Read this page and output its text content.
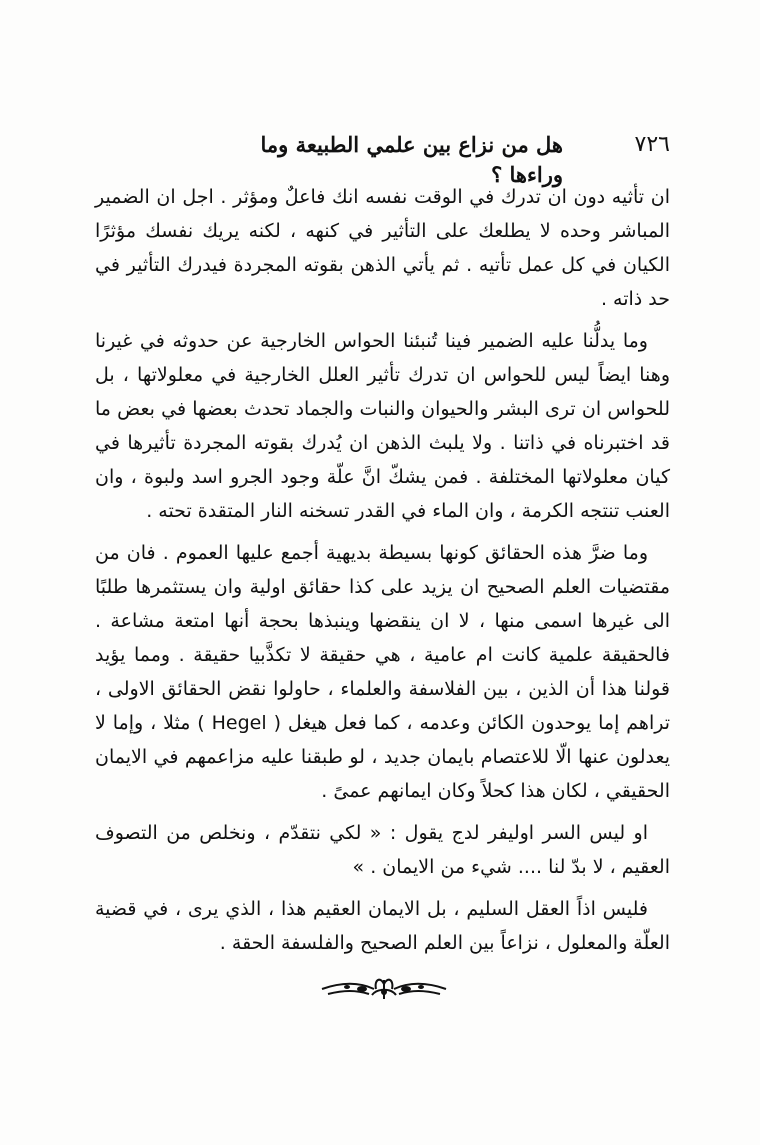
٧٢٦
هل من نزاع بين علمي الطبيعة وما وراءها ؟

ان تأثيه دون ان تدرك في الوقت نفسه انك فاعلٌ ومؤثر . اجل ان الضمير المباشر وحده لا يطلعك على التأثير في كنهه ، لكنه يريك نفسك مؤثرًا الكيان في كل عمل تأتيه . ثم يأتي الذهن بقوته المجردة فيدرك التأثير في حد ذاته .

وما يدلُّنا عليه الضمير فينا تُنبئنا الحواس الخارجية عن حدوثه في غيرنا وهنا ايضاً ليس للحواس ان تدرك تأثير العلل الخارجية في معلولاتها ، بل للحواس ان ترى البشر والحيوان والنبات والجماد تحدث بعضها في بعض ما قد اختبرناه في ذاتنا . ولا يلبث الذهن ان يُدرك بقوته المجردة تأثيرها في كيان معلولاتها المختلفة . فمن يشكّ انَّ علّة وجود الجرو اسد ولبوة ، وان العنب تنتجه الكرمة ، وان الماء في القدر تسخنه النار المتقدة تحته .

وما ضرَّ هذه الحقائق كونها بسيطة بديهية أجمع عليها العموم . فان من مقتضيات العلم الصحيح ان يزيد على كذا حقائق اولية وان يستثمرها طلبًا الى غيرها اسمى منها ، لا ان ينقضها وينبذها بحجة أنها امتعة مشاعة . فالحقيقة علمية كانت ام عامية ، هي حقيقة لا تكذَّبيا حقيقة . ومما يؤيد قولنا هذا أن الذين ، بين الفلاسفة والعلماء ، حاولوا نقض الحقائق الاولى ، تراهم إما يوحدون الكائن وعدمه ، كما فعل هيغل ( Hegel ) مثلا ، وإما لا يعدلون عنها الّا للاعتصام بايمان جديد ، لو طبقنا عليه مزاعمهم في الايمان الحقيقي ، لكان هذا كحلاً وكان ايمانهم عمىً .

او ليس السر اوليفر لدج يقول : « لكي نتقدّم ، ونخلص من التصوف العقيم ، لا بدّ لنا .... شيء من الايمان . »

فليس اذاً العقل السليم ، بل الايمان العقيم هذا ، الذي يرى ، في قضية العلّة والمعلول ، نزاعاً بين العلم الصحيح والفلسفة الحقة .
